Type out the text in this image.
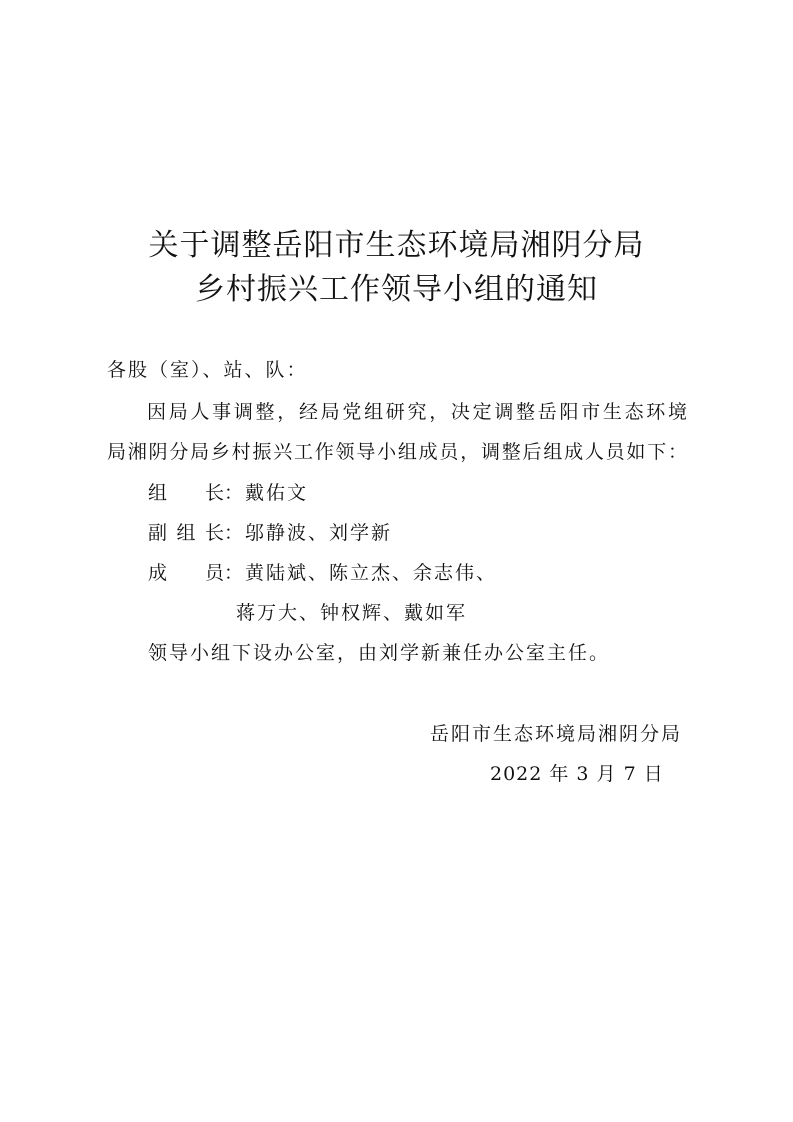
关于调整岳阳市生态环境局湘阴分局
乡村振兴工作领导小组的通知
各股（室）、站、队：
因局人事调整，经局党组研究，决定调整岳阳市生态环境
局湘阴分局乡村振兴工作领导小组成员，调整后组成人员如下：
组长：戴佑文
副组长：邬静波、刘学新
成员：黄陆斌、陈立杰、余志伟、
蒋万大、钟权辉、戴如军
领导小组下设办公室，由刘学新兼任办公室主任。
岳阳市生态环境局湘阴分局
2022 年 3 月 7 日
